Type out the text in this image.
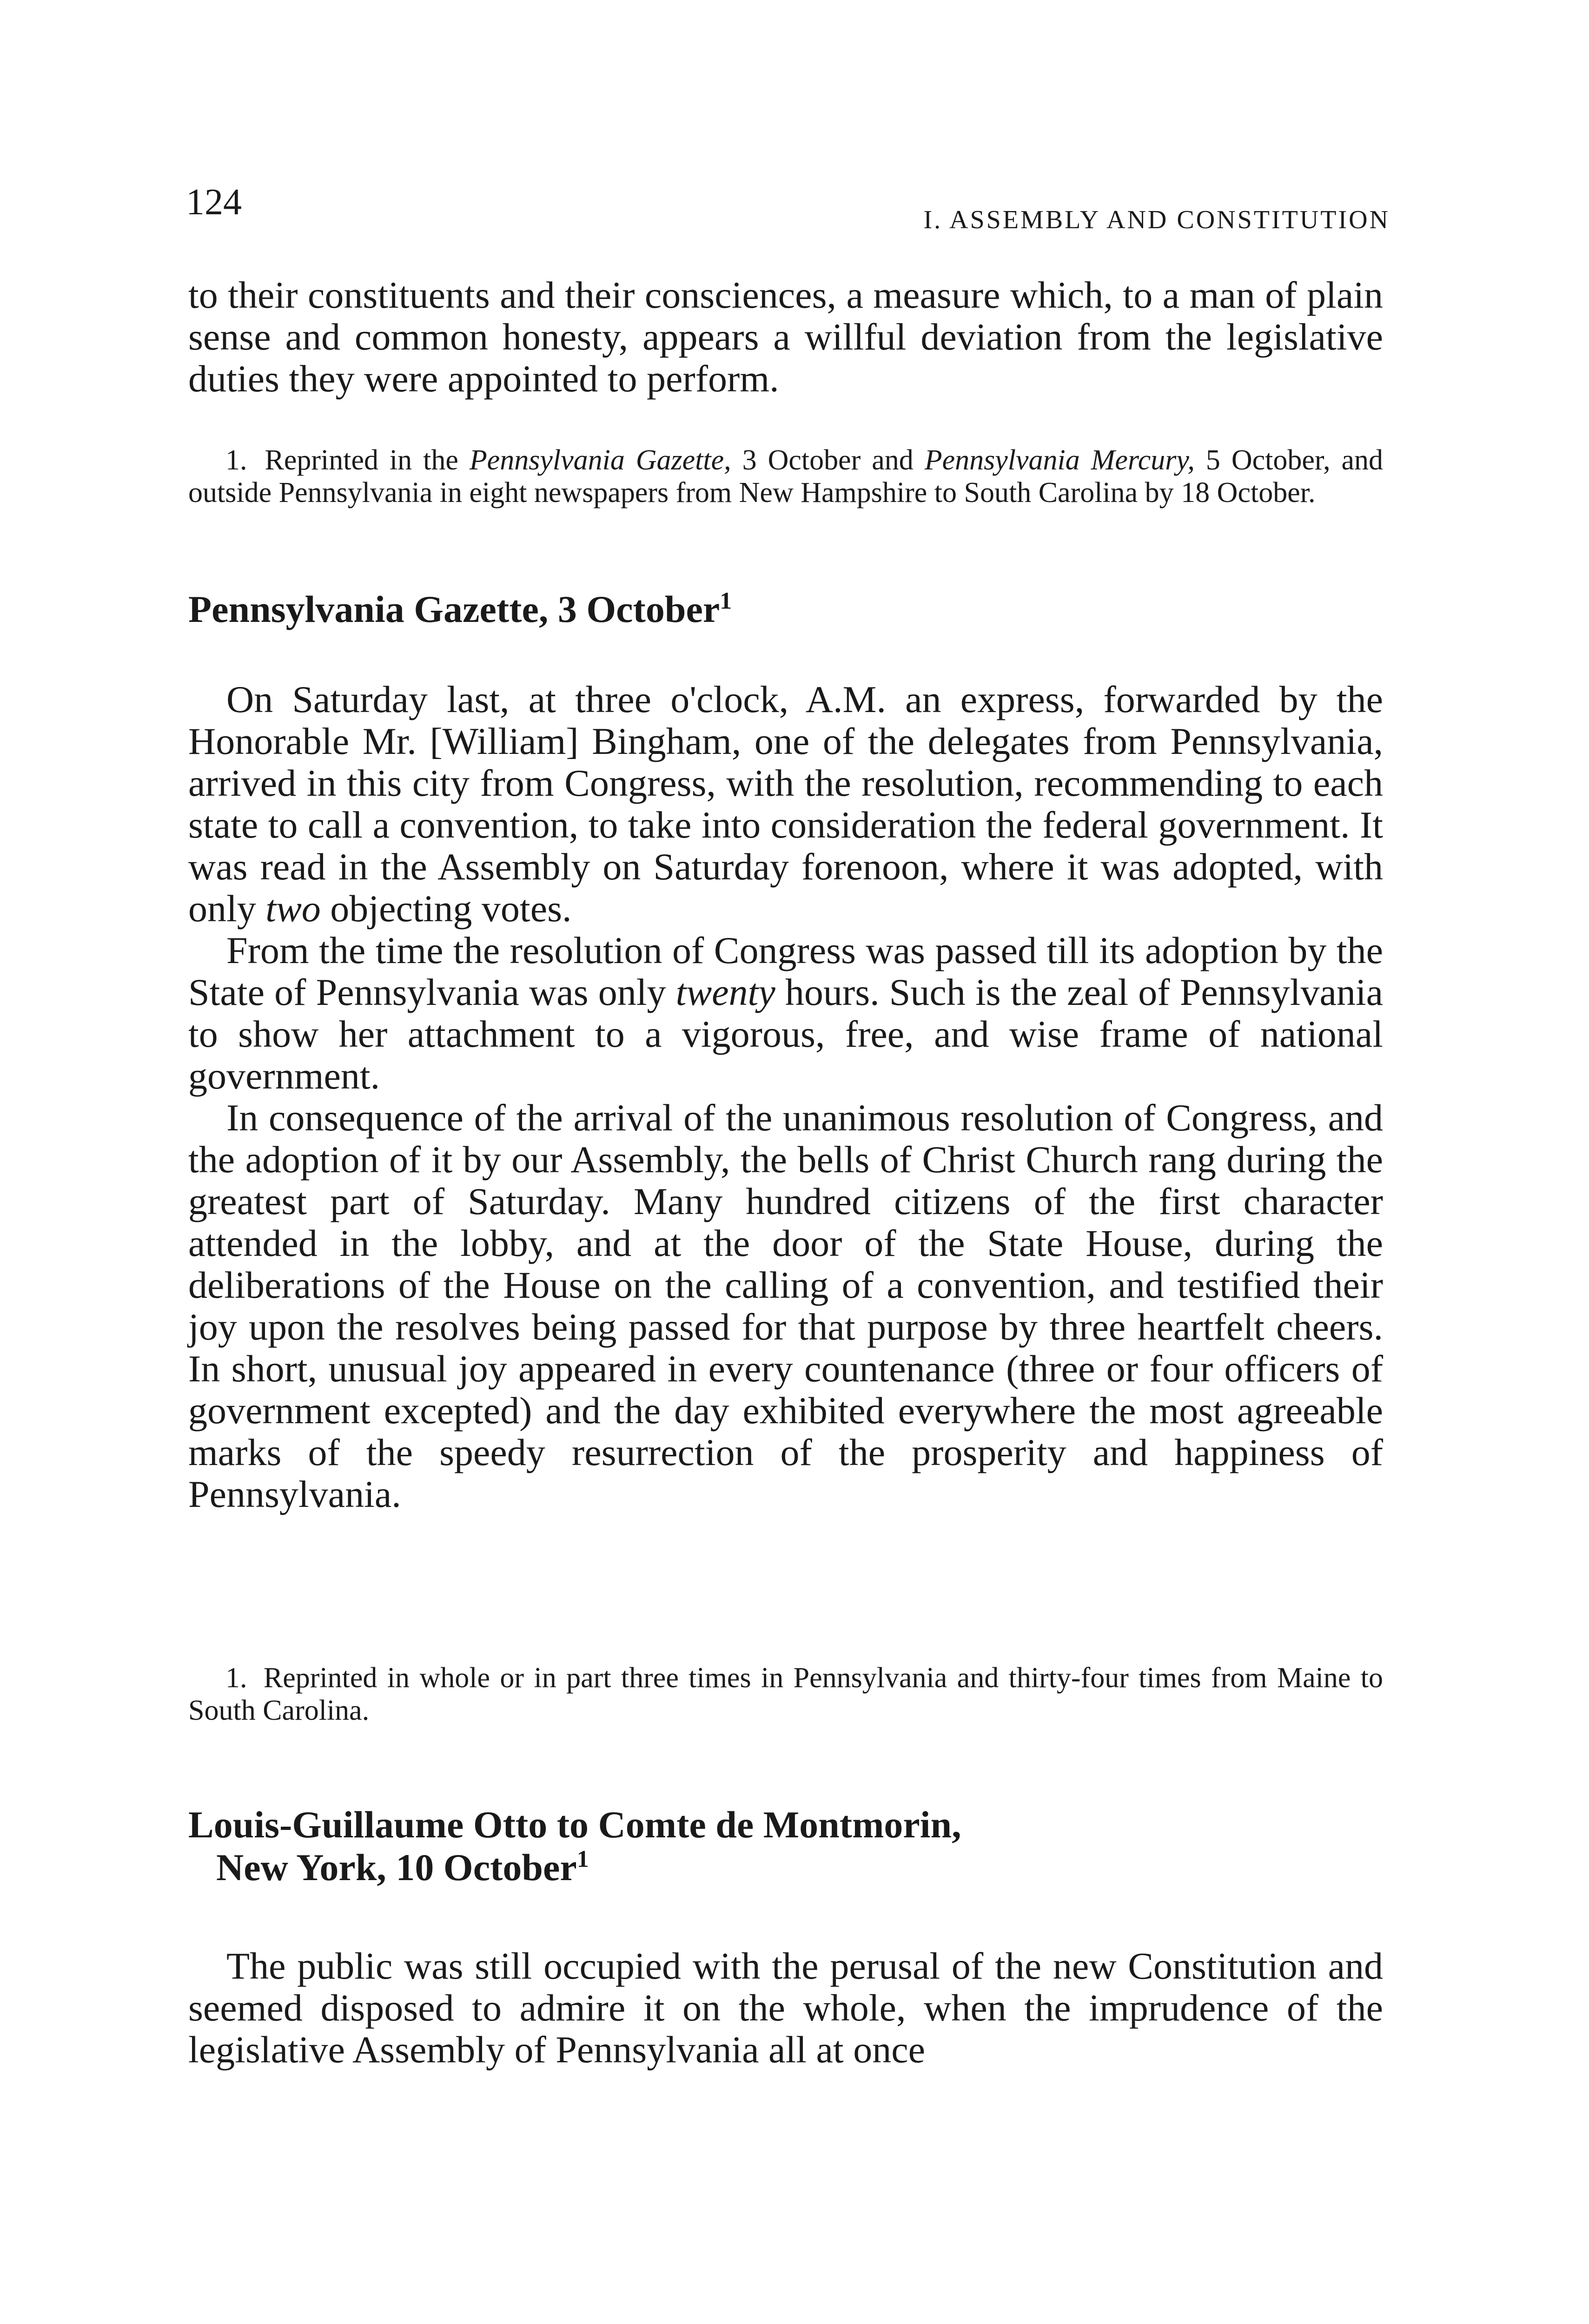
124	I. ASSEMBLY AND CONSTITUTION

to their constituents and their consciences, a measure which, to a man of plain sense and common honesty, appears a willful deviation from the legislative duties they were appointed to perform.

1. Reprinted in the Pennsylvania Gazette, 3 October and Pennsylvania Mercury, 5 October, and outside Pennsylvania in eight newspapers from New Hampshire to South Carolina by 18 October.

Pennsylvania Gazette, 3 October$^1$

On Saturday last, at three o'clock, A.M. an express, forwarded by the Honorable Mr. [William] Bingham, one of the delegates from Pennsylvania, arrived in this city from Congress, with the resolution, recommending to each state to call a convention, to take into consideration the federal government. It was read in the Assembly on Saturday forenoon, where it was adopted, with only two objecting votes.

From the time the resolution of Congress was passed till its adoption by the State of Pennsylvania was only twenty hours. Such is the zeal of Pennsylvania to show her attachment to a vigorous, free, and wise frame of national government.

In consequence of the arrival of the unanimous resolution of Congress, and the adoption of it by our Assembly, the bells of Christ Church rang during the greatest part of Saturday. Many hundred citizens of the first character attended in the lobby, and at the door of the State House, during the deliberations of the House on the calling of a convention, and testified their joy upon the resolves being passed for that purpose by three heartfelt cheers. In short, unusual joy appeared in every countenance (three or four officers of government excepted) and the day exhibited everywhere the most agreeable marks of the speedy resurrection of the prosperity and happiness of Pennsylvania.

1. Reprinted in whole or in part three times in Pennsylvania and thirty-four times from Maine to South Carolina.

Louis-Guillaume Otto to Comte de Montmorin,
New York, 10 October$^1$

The public was still occupied with the perusal of the new Constitution and seemed disposed to admire it on the whole, when the imprudence of the legislative Assembly of Pennsylvania all at once
